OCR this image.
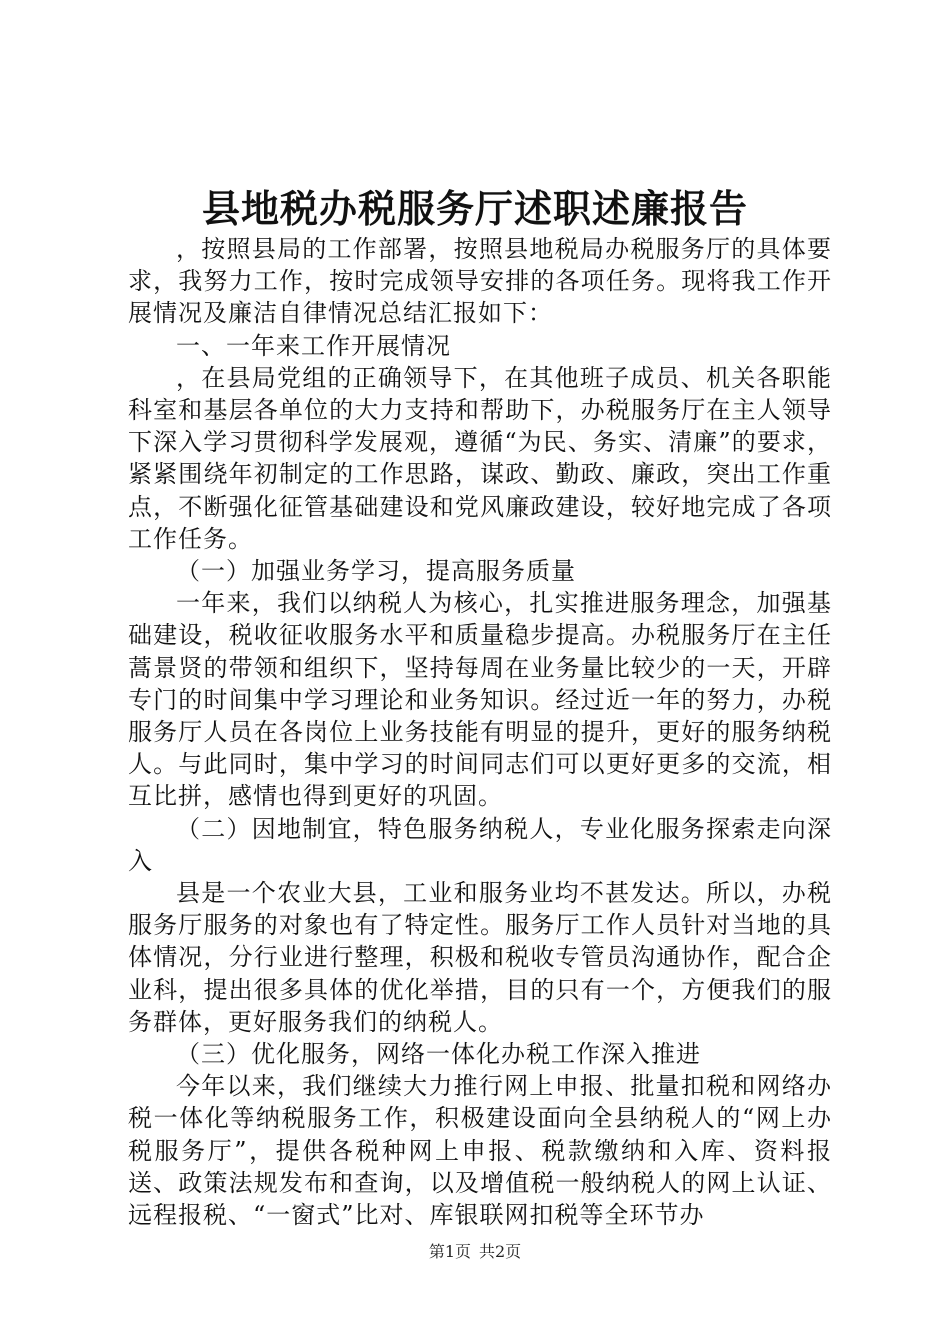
县地税办税服务厅述职述廉报告

，按照县局的工作部署，按照县地税局办税服务厅的具体要求，我努力工作，按时完成领导安排的各项任务。现将我工作开展情况及廉洁自律情况总结汇报如下：

一、一年来工作开展情况

，在县局党组的正确领导下，在其他班子成员、机关各职能科室和基层各单位的大力支持和帮助下，办税服务厅在主人领导下深入学习贯彻科学发展观，遵循“为民、务实、清廉”的要求，紧紧围绕年初制定的工作思路，谋政、勤政、廉政，突出工作重点，不断强化征管基础建设和党风廉政建设，较好地完成了各项工作任务。

（一）加强业务学习，提高服务质量

一年来，我们以纳税人为核心，扎实推进服务理念，加强基础建设，税收征收服务水平和质量稳步提高。办税服务厅在主任蒿景贤的带领和组织下，坚持每周在业务量比较少的一天，开辟专门的时间集中学习理论和业务知识。经过近一年的努力，办税服务厅人员在各岗位上业务技能有明显的提升，更好的服务纳税人。与此同时，集中学习的时间同志们可以更好更多的交流，相互比拼，感情也得到更好的巩固。

（二）因地制宜，特色服务纳税人，专业化服务探索走向深入

县是一个农业大县，工业和服务业均不甚发达。所以，办税服务厅服务的对象也有了特定性。服务厅工作人员针对当地的具体情况，分行业进行整理，积极和税收专管员沟通协作，配合企业科，提出很多具体的优化举措，目的只有一个，方便我们的服务群体，更好服务我们的纳税人。

（三）优化服务，网络一体化办税工作深入推进

今年以来，我们继续大力推行网上申报、批量扣税和网络办税一体化等纳税服务工作，积极建设面向全县纳税人的“网上办税服务厅”，提供各税种网上申报、税款缴纳和入库、资料报送、政策法规发布和查询，以及增值税一般纳税人的网上认证、远程报税、“一窗式”比对、库银联网扣税等全环节办

第1页 共2页
